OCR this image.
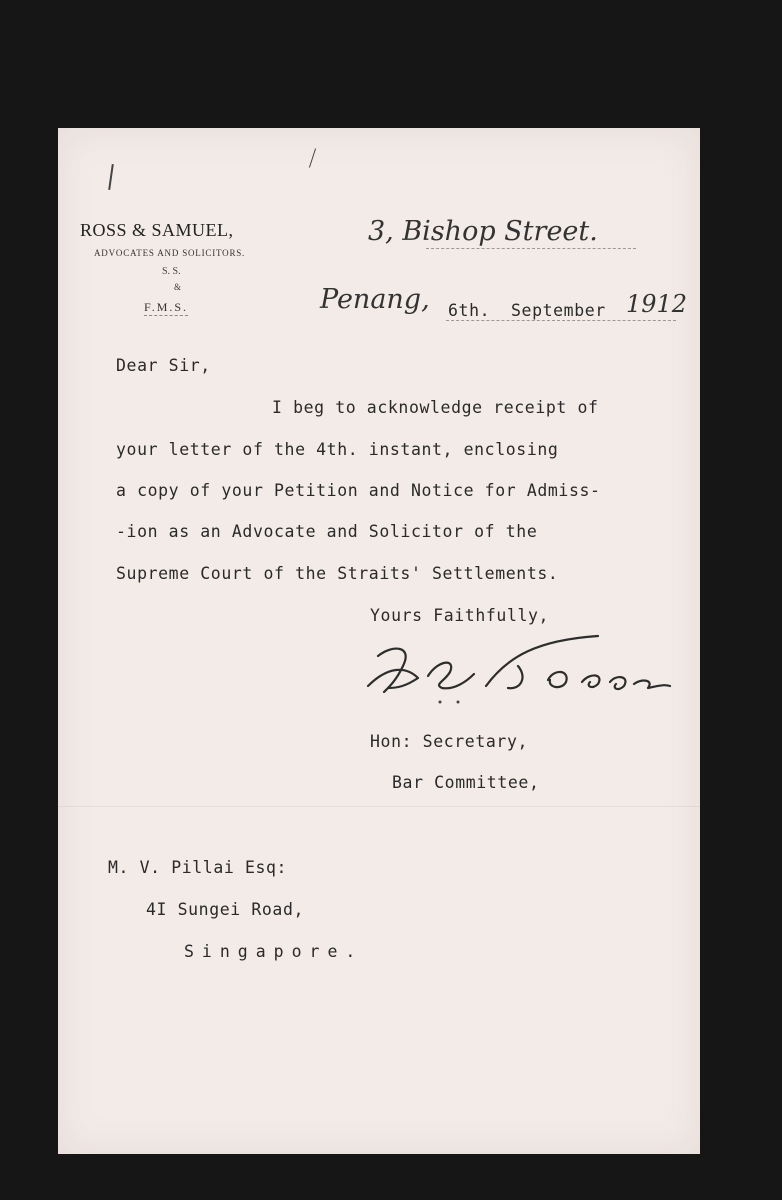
ROSS & SAMUEL,
ADVOCATES AND SOLICITORS.
S. S.
&
F.M.S.
3, Bishop Street.
Penang, 6th. September 1912
Dear Sir,
I beg to acknowledge receipt of
your letter of the 4th. instant, enclosing
a copy of your Petition and Notice for Admiss-
-ion as an Advocate and Solicitor of the
Supreme Court of the Straits' Settlements.
Yours Faithfully,
Hon: Secretary,
Bar Committee,
M. V. Pillai Esq:
4I Sungei Road,
Singapore.
